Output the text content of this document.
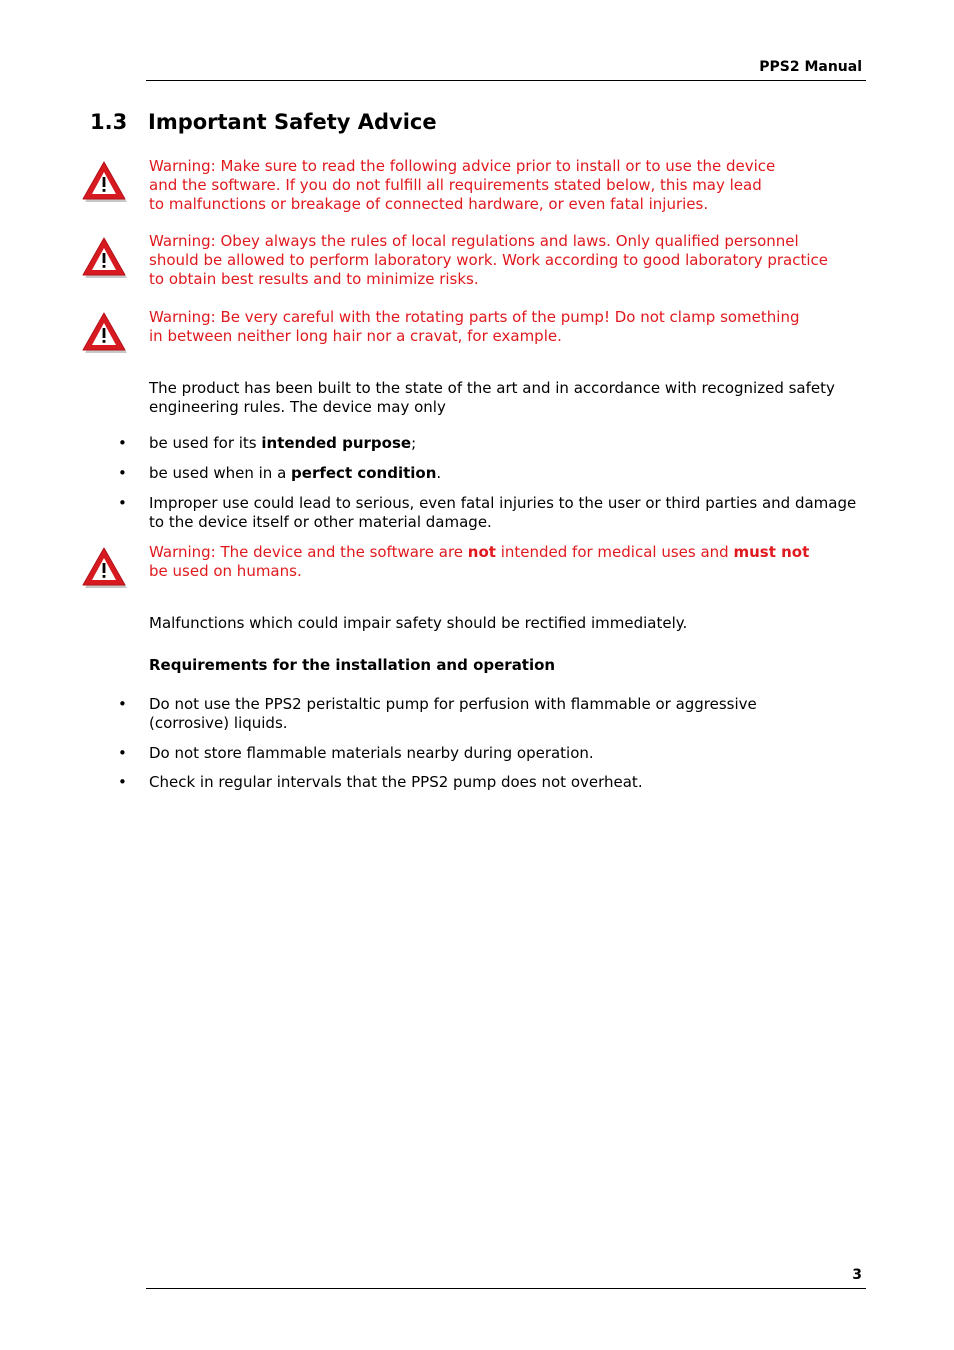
PPS2 Manual
1.3 Important Safety Advice
Warning: Make sure to read the following advice prior to install or to use the device
and the software. If you do not fulfill all requirements stated below, this may lead
to malfunctions or breakage of connected hardware, or even fatal injuries.
Warning: Obey always the rules of local regulations and laws. Only qualified personnel
should be allowed to perform laboratory work. Work according to good laboratory practice
to obtain best results and to minimize risks.
Warning: Be very careful with the rotating parts of the pump! Do not clamp something
in between neither long hair nor a cravat, for example.
The product has been built to the state of the art and in accordance with recognized safety
engineering rules. The device may only
• be used for its intended purpose;
• be used when in a perfect condition.
• Improper use could lead to serious, even fatal injuries to the user or third parties and damage
to the device itself or other material damage.
Warning: The device and the software are not intended for medical uses and must not
be used on humans.
Malfunctions which could impair safety should be rectified immediately.
Requirements for the installation and operation
• Do not use the PPS2 peristaltic pump for perfusion with flammable or aggressive
(corrosive) liquids.
• Do not store flammable materials nearby during operation.
• Check in regular intervals that the PPS2 pump does not overheat.
3
